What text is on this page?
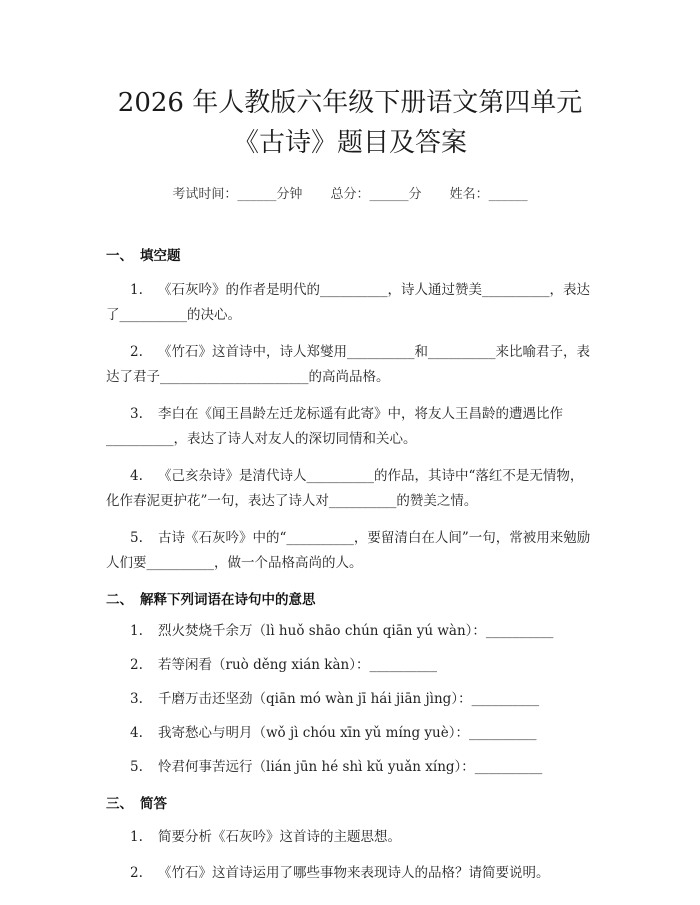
2026 年人教版六年级下册语文第四单元《古诗》题目及答案
考试时间：______分钟 总分：______分 姓名：______
一、 填空题

1. 《石灰吟》的作者是明代的__________，诗人通过赞美__________，表达了__________的决心。

2. 《竹石》这首诗中，诗人郑燮用__________和__________来比喻君子，表达了君子______________________的高尚品格。

3. 李白在《闻王昌龄左迁龙标遥有此寄》中，将友人王昌龄的遭遇比作__________，表达了诗人对友人的深切同情和关心。

4. 《己亥杂诗》是清代诗人__________的作品，其诗中“落红不是无情物，化作春泥更护花”一句，表达了诗人对__________的赞美之情。

5. 古诗《石灰吟》中的“__________，要留清白在人间”一句，常被用来勉励人们要__________，做一个品格高尚的人。

二、 解释下列词语在诗句中的意思

1. 烈火焚烧千余万（lì huǒ shāo chún qiān yú wàn）：__________

2. 若等闲看（ruò děng xián kàn）：__________

3. 千磨万击还坚劲（qiān mó wàn jī hái jiān jìng）：__________

4. 我寄愁心与明月（wǒ jì chóu xīn yǔ míng yuè）：__________

5. 怜君何事苦远行（lián jūn hé shì kǔ yuǎn xíng）：__________

三、 简答

1. 简要分析《石灰吟》这首诗的主题思想。

2. 《竹石》这首诗运用了哪些事物来表现诗人的品格？请简要说明。
